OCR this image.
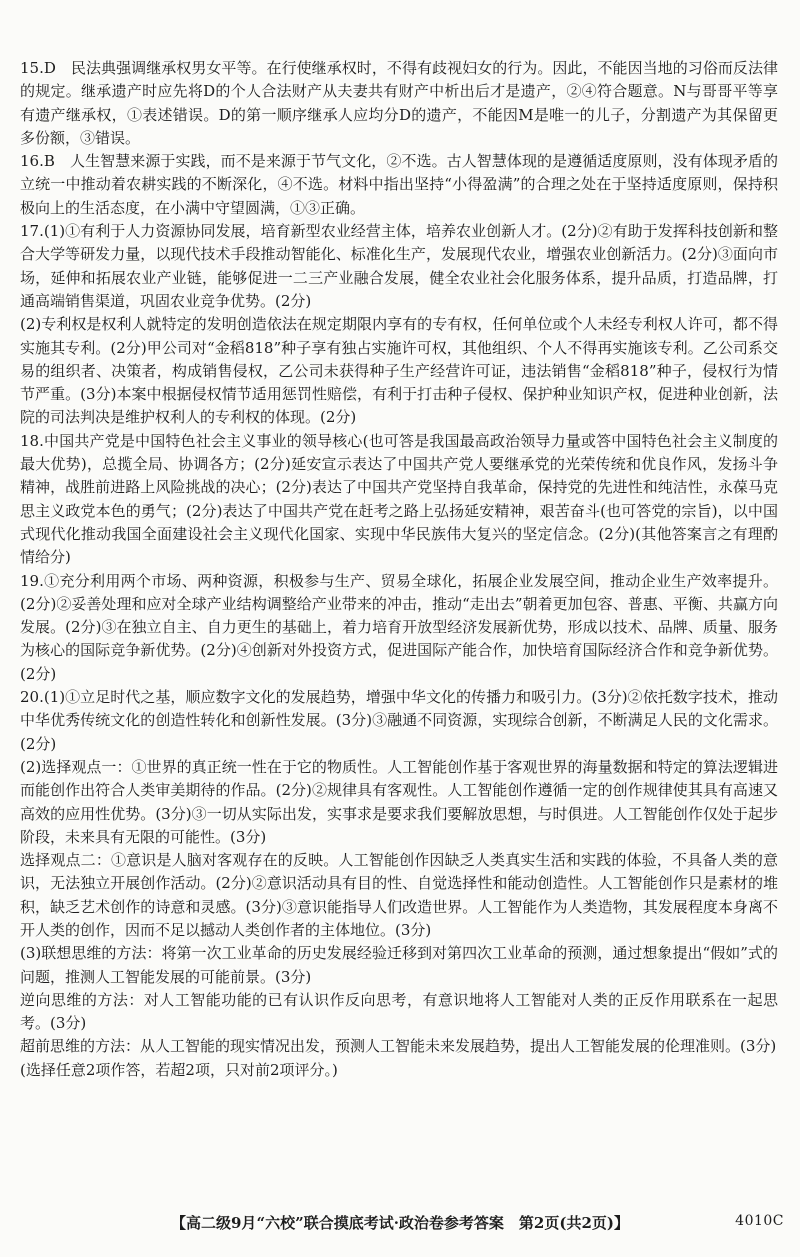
15.D　民法典强调继承权男女平等。在行使继承权时，不得有歧视妇女的行为。因此，不能因当地的习俗而反法律的规定。继承遗产时应先将D的个人合法财产从夫妻共有财产中析出后才是遗产，②④符合题意。N与哥哥平等享有遗产继承权，①表述错误。D的第一顺序继承人应均分D的遗产，不能因M是唯一的儿子，分割遗产为其保留更多份额，③错误。

16.B　人生智慧来源于实践，而不是来源于节气文化，②不选。古人智慧体现的是遵循适度原则，没有体现矛盾的立统一中推动着农耕实践的不断深化，④不选。材料中指出坚持“小得盈满”的合理之处在于坚持适度原则，保持积极向上的生活态度，在小满中守望圆满，①③正确。

17.(1)①有利于人力资源协同发展，培育新型农业经营主体，培养农业创新人才。(2分)②有助于发挥科技创新和整合大学等研发力量，以现代技术手段推动智能化、标准化生产，发展现代农业，增强农业创新活力。(2分)③面向市场，延伸和拓展农业产业链，能够促进一二三产业融合发展，健全农业社会化服务体系，提升品质，打造品牌，打通高端销售渠道，巩固农业竞争优势。(2分)

(2)专利权是权利人就特定的发明创造依法在规定期限内享有的专有权，任何单位或个人未经专利权人许可，都不得实施其专利。(2分)甲公司对“金稻818”种子享有独占实施许可权，其他组织、个人不得再实施该专利。乙公司系交易的组织者、决策者，构成销售侵权，乙公司未获得种子生产经营许可证，违法销售“金稻818”种子，侵权行为情节严重。(3分)本案中根据侵权情节适用惩罚性赔偿，有利于打击种子侵权、保护种业知识产权，促进种业创新，法院的司法判决是维护权利人的专利权的体现。(2分)

18.中国共产党是中国特色社会主义事业的领导核心(也可答是我国最高政治领导力量或答中国特色社会主义制度的最大优势)，总揽全局、协调各方；(2分)延安宣示表达了中国共产党人要继承党的光荣传统和优良作风，发扬斗争精神，战胜前进路上风险挑战的决心；(2分)表达了中国共产党坚持自我革命，保持党的先进性和纯洁性，永葆马克思主义政党本色的勇气；(2分)表达了中国共产党在赶考之路上弘扬延安精神，艰苦奋斗(也可答党的宗旨)，以中国式现代化推动我国全面建设社会主义现代化国家、实现中华民族伟大复兴的坚定信念。(2分)(其他答案言之有理酌情给分)

19.①充分利用两个市场、两种资源，积极参与生产、贸易全球化，拓展企业发展空间，推动企业生产效率提升。(2分)②妥善处理和应对全球产业结构调整给产业带来的冲击，推动“走出去”朝着更加包容、普惠、平衡、共赢方向发展。(2分)③在独立自主、自力更生的基础上，着力培育开放型经济发展新优势，形成以技术、品牌、质量、服务为核心的国际竞争新优势。(2分)④创新对外投资方式，促进国际产能合作，加快培育国际经济合作和竞争新优势。(2分)

20.(1)①立足时代之基，顺应数字文化的发展趋势，增强中华文化的传播力和吸引力。(3分)②依托数字技术，推动中华优秀传统文化的创造性转化和创新性发展。(3分)③融通不同资源，实现综合创新，不断满足人民的文化需求。(2分)

(2)选择观点一：①世界的真正统一性在于它的物质性。人工智能创作基于客观世界的海量数据和特定的算法逻辑进而能创作出符合人类审美期待的作品。(2分)②规律具有客观性。人工智能创作遵循一定的创作规律使其具有高速又高效的应用性优势。(3分)③一切从实际出发，实事求是要求我们要解放思想，与时俱进。人工智能创作仅处于起步阶段，未来具有无限的可能性。(3分)

选择观点二：①意识是人脑对客观存在的反映。人工智能创作因缺乏人类真实生活和实践的体验，不具备人类的意识，无法独立开展创作活动。(2分)②意识活动具有目的性、自觉选择性和能动创造性。人工智能创作只是素材的堆积，缺乏艺术创作的诗意和灵感。(3分)③意识能指导人们改造世界。人工智能作为人类造物，其发展程度本身离不开人类的创作，因而不足以撼动人类创作者的主体地位。(3分)

(3)联想思维的方法：将第一次工业革命的历史发展经验迁移到对第四次工业革命的预测，通过想象提出“假如”式的问题，推测人工智能发展的可能前景。(3分)

逆向思维的方法：对人工智能功能的已有认识作反向思考，有意识地将人工智能对人类的正反作用联系在一起思考。(3分)

超前思维的方法：从人工智能的现实情况出发，预测人工智能未来发展趋势，提出人工智能发展的伦理准则。(3分)

(选择任意2项作答，若超2项，只对前2项评分。)

【高二级9月“六校”联合摸底考试·政治卷参考答案　第2页(共2页)】	4010C
